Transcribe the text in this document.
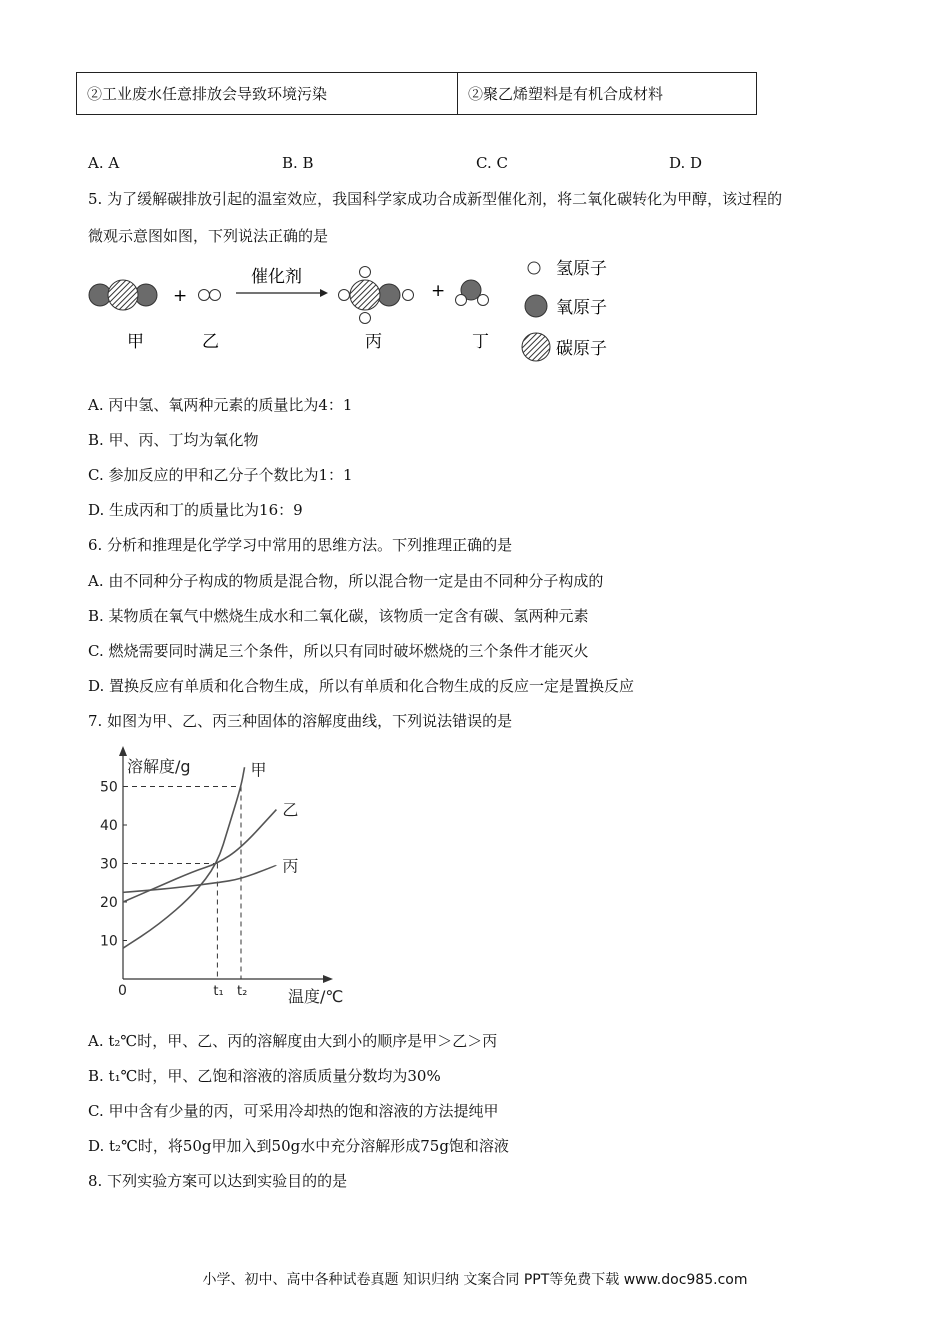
②工业废水任意排放会导致环境污染	②聚乙烯塑料是有机合成材料
A. A	B. B	C. C	D. D
5. 为了缓解碳排放引起的温室效应，我国科学家成功合成新型催化剂，将二氧化碳转化为甲醇，该过程的
微观示意图如图，下列说法正确的是
+
催化剂
+
甲	乙	丙	丁
氢原子
氧原子
碳原子
A. 丙中氢、氧两种元素的质量比为4：1
B. 甲、丙、丁均为氧化物
C. 参加反应的甲和乙分子个数比为1：1
D. 生成丙和丁的质量比为16：9
6. 分析和推理是化学学习中常用的思维方法。下列推理正确的是
A. 由不同种分子构成的物质是混合物，所以混合物一定是由不同种分子构成的
B. 某物质在氧气中燃烧生成水和二氧化碳，该物质一定含有碳、氢两种元素
C. 燃烧需要同时满足三个条件，所以只有同时破坏燃烧的三个条件才能灭火
D. 置换反应有单质和化合物生成，所以有单质和化合物生成的反应一定是置换反应
7. 如图为甲、乙、丙三种固体的溶解度曲线，下列说法错误的是
溶解度/g
温度/℃
10
20
30
40
50
0	t₁ t₂
甲
乙
丙
A. t₂℃时，甲、乙、丙的溶解度由大到小的顺序是甲＞乙＞丙
B. t₁℃时，甲、乙饱和溶液的溶质质量分数均为30%
C. 甲中含有少量的丙，可采用冷却热的饱和溶液的方法提纯甲
D. t₂℃时，将50g甲加入到50g水中充分溶解形成75g饱和溶液
8. 下列实验方案可以达到实验目的的是
小学、初中、高中各种试卷真题 知识归纳 文案合同 PPT等免费下载 www.doc985.com
